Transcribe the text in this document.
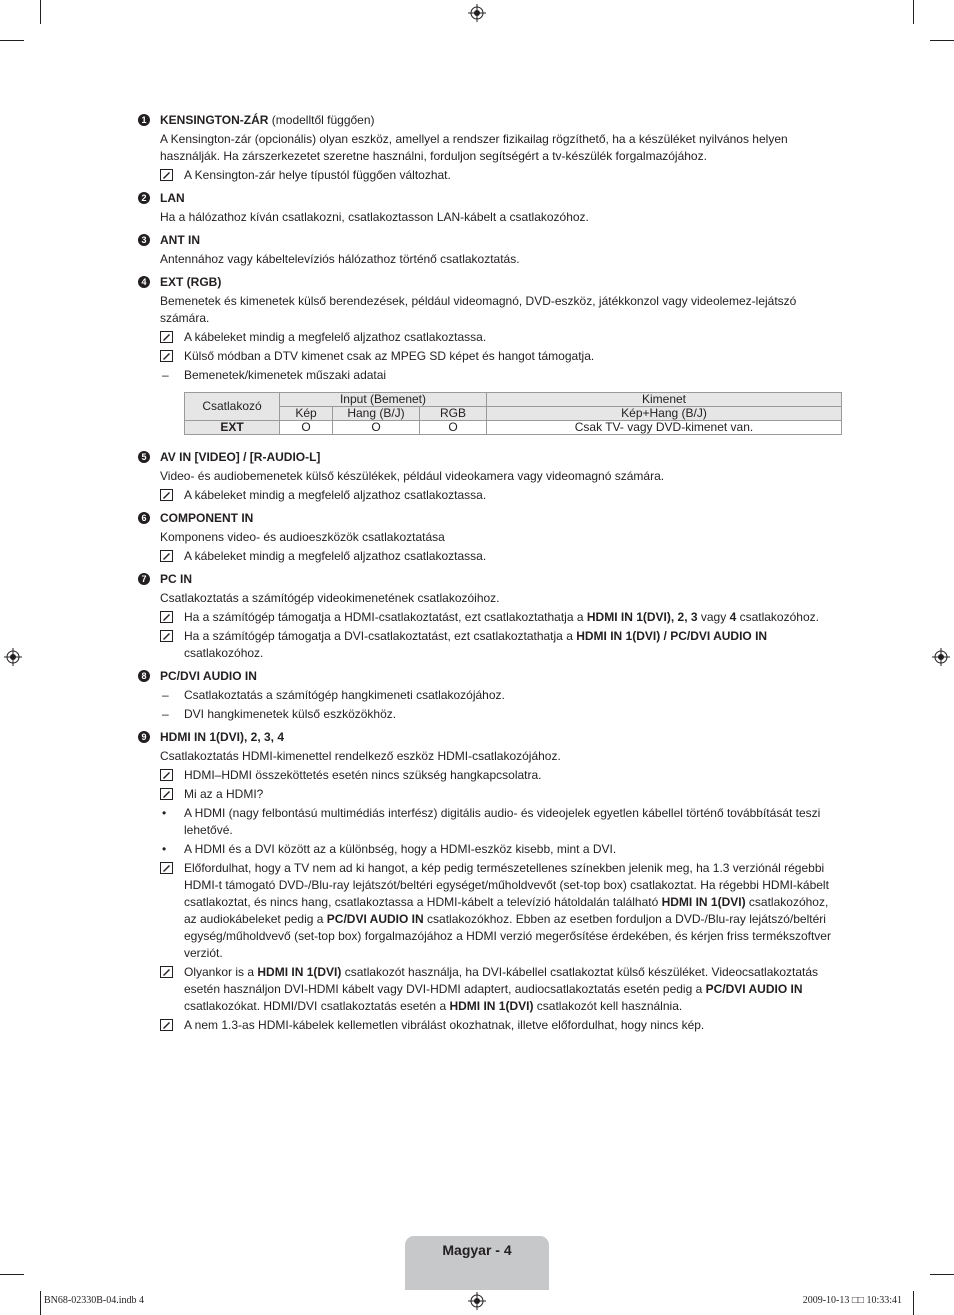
1 KENSINGTON-ZÁR (modelltől függően)
A Kensington-zár (opcionális) olyan eszköz, amellyel a rendszer fizikailag rögzíthető, ha a készüléket nyilvános helyen használják. Ha zárszerkezetet szeretne használni, forduljon segítségért a tv-készülék forgalmazójához.
A Kensington-zár helye típustól függően változhat.
2 LAN
Ha a hálózathoz kíván csatlakozni, csatlakoztasson LAN-kábelt a csatlakozóhoz.
3 ANT IN
Antennához vagy kábeltelevíziós hálózathoz történő csatlakoztatás.
4 EXT (RGB)
Bemenetek és kimenetek külső berendezések, például videomagnó, DVD-eszköz, játékkonzol vagy videolemez-lejátszó számára.
A kábeleket mindig a megfelelő aljzathoz csatlakoztassa.
Külső módban a DTV kimenet csak az MPEG SD képet és hangot támogatja.
–	Bemenetek/kimenetek műszaki adatai
Csatlakozó	Input (Bemenet)			Kimenet
	Kép	Hang (B/J)	RGB	Kép+Hang (B/J)
EXT	O	O	O	Csak TV- vagy DVD-kimenet van.
5 AV IN [VIDEO] / [R-AUDIO-L]
Video- és audiobemenetek külső készülékek, például videokamera vagy videomagnó számára.
A kábeleket mindig a megfelelő aljzathoz csatlakoztassa.
6 COMPONENT IN
Komponens video- és audioeszközök csatlakoztatása
A kábeleket mindig a megfelelő aljzathoz csatlakoztassa.
7 PC IN
Csatlakoztatás a számítógép videokimenetének csatlakozóihoz.
Ha a számítógép támogatja a HDMI-csatlakoztatást, ezt csatlakoztathatja a HDMI IN 1(DVI), 2, 3 vagy 4 csatlakozóhoz.
Ha a számítógép támogatja a DVI-csatlakoztatást, ezt csatlakoztathatja a HDMI IN 1(DVI) / PC/DVI AUDIO IN csatlakozóhoz.
8 PC/DVI AUDIO IN
–	Csatlakoztatás a számítógép hangkimeneti csatlakozójához.
–	DVI hangkimenetek külső eszközökhöz.
9 HDMI IN 1(DVI), 2, 3, 4
Csatlakoztatás HDMI-kimenettel rendelkező eszköz HDMI-csatlakozójához.
HDMI–HDMI összeköttetés esetén nincs szükség hangkapcsolatra.
Mi az a HDMI?
•	A HDMI (nagy felbontású multimédiás interfész) digitális audio- és videojelek egyetlen kábellel történő továbbítását teszi lehetővé.
•	A HDMI és a DVI között az a különbség, hogy a HDMI-eszköz kisebb, mint a DVI.
Előfordulhat, hogy a TV nem ad ki hangot, a kép pedig természetellenes színekben jelenik meg, ha 1.3 verziónál régebbi HDMI-t támogató DVD-/Blu-ray lejátszót/beltéri egységet/műholdvevőt (set-top box) csatlakoztat. Ha régebbi HDMI-kábelt csatlakoztat, és nincs hang, csatlakoztassa a HDMI-kábelt a televízió hátoldalán található HDMI IN 1(DVI) csatlakozóhoz, az audiokábeleket pedig a PC/DVI AUDIO IN csatlakozókhoz. Ebben az esetben forduljon a DVD-/Blu-ray lejátszó/beltéri egység/műholdvevő (set-top box) forgalmazójához a HDMI verzió megerősítése érdekében, és kérjen friss termékszoftver verziót.
Olyankor is a HDMI IN 1(DVI) csatlakozót használja, ha DVI-kábellel csatlakoztat külső készüléket. Videocsatlakoztatás esetén használjon DVI-HDMI kábelt vagy DVI-HDMI adaptert, audiocsatlakoztatás esetén pedig a PC/DVI AUDIO IN csatlakozókat. HDMI/DVI csatlakoztatás esetén a HDMI IN 1(DVI) csatlakozót kell használnia.
A nem 1.3-as HDMI-kábelek kellemetlen vibrálást okozhatnak, illetve előfordulhat, hogy nincs kép.
Magyar - 4
BN68-02330B-04.indb 4	2009-10-13 □□ 10:33:41
